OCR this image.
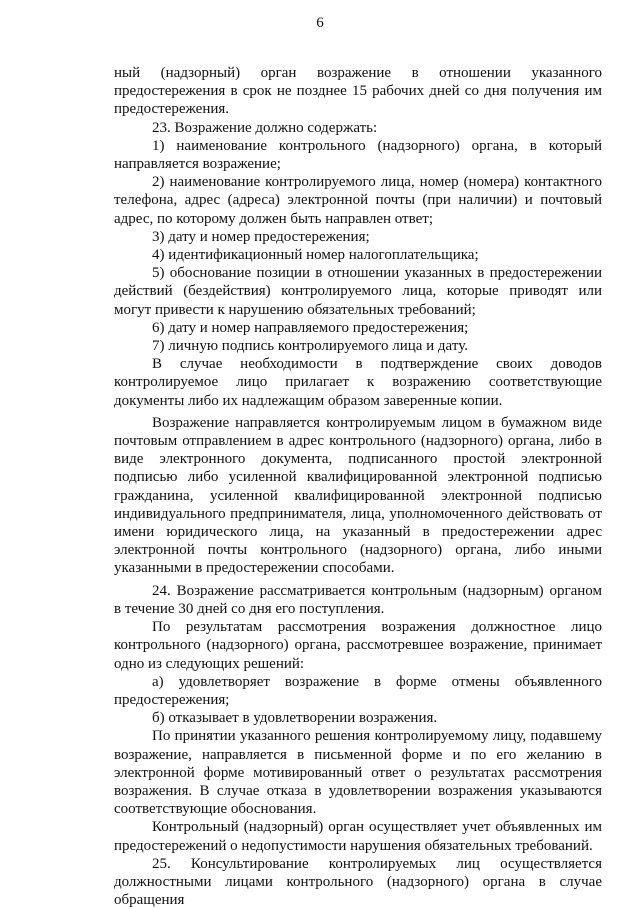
6

ный (надзорный) орган возражение в отношении указанного предостережения в срок не позднее 15 рабочих дней со дня получения им предостережения.

23. Возражение должно содержать:

1) наименование контрольного (надзорного) органа, в который направляется возражение;

2) наименование контролируемого лица, номер (номера) контактного телефона, адрес (адреса) электронной почты (при наличии) и почтовый адрес, по которому должен быть направлен ответ;

3) дату и номер предостережения;

4) идентификационный номер налогоплательщика;

5) обоснование позиции в отношении указанных в предостережении действий (бездействия) контролируемого лица, которые приводят или могут привести к нарушению обязательных требований;

6) дату и номер направляемого предостережения;

7) личную подпись контролируемого лица и дату.

В случае необходимости в подтверждение своих доводов контролируемое лицо прилагает к возражению соответствующие документы либо их надлежащим образом заверенные копии.

Возражение направляется контролируемым лицом в бумажном виде почтовым отправлением в адрес контрольного (надзорного) органа, либо в виде электронного документа, подписанного простой электронной подписью либо усиленной квалифицированной электронной подписью гражданина, усиленной квалифицированной электронной подписью индивидуального предпринимателя, лица, уполномоченного действовать от имени юридического лица, на указанный в предостережении адрес электронной почты контрольного (надзорного) органа, либо иными указанными в предостережении способами.

24. Возражение рассматривается контрольным (надзорным) органом в течение 30 дней со дня его поступления.

По результатам рассмотрения возражения должностное лицо контрольного (надзорного) органа, рассмотревшее возражение, принимает одно из следующих решений:

а) удовлетворяет возражение в форме отмены объявленного предостережения;

б) отказывает в удовлетворении возражения.

По принятии указанного решения контролируемому лицу, подавшему возражение, направляется в письменной форме и по его желанию в электронной форме мотивированный ответ о результатах рассмотрения возражения. В случае отказа в удовлетворении возражения указываются соответствующие обоснования.

Контрольный (надзорный) орган осуществляет учет объявленных им предостережений о недопустимости нарушения обязательных требований.

25. Консультирование контролируемых лиц осуществляется должностными лицами контрольного (надзорного) органа в случае обращения
